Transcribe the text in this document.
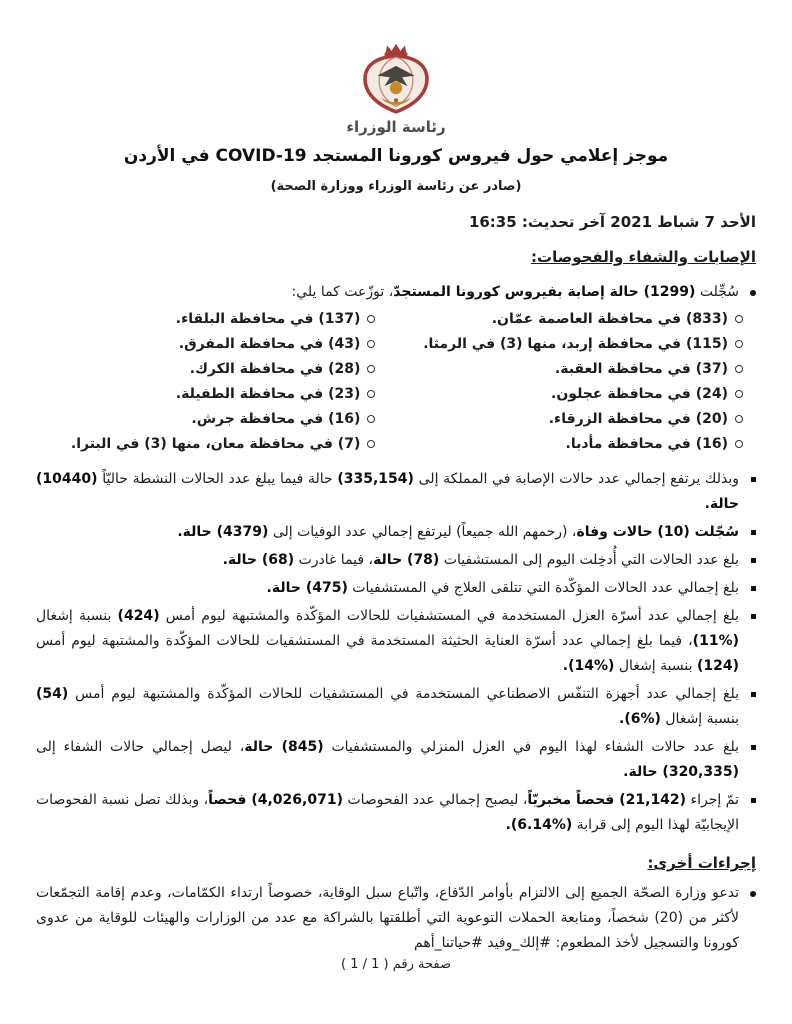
رئاسة الوزراء
موجز إعلامي حول فيروس كورونا المستجد COVID-19 في الأردن
(صادر عن رئاسة الوزراء ووزارة الصحة)
الأحد 7 شباط 2021 آخر تحديث: 16:35
الإصابات والشفاء والفحوصات:
سُجِّلت (1299) حالة إصابة بفيروس كورونا المستجدّ، توزّعت كما يلي:
(833) في محافظة العاصمة عمّان.
(115) في محافظة إربد، منها (3) في الرمثا.
(37) في محافظة العقبة.
(24) في محافظة عجلون.
(20) في محافظة الزرقاء.
(16) في محافظة مأدبا.
(137) في محافظة البلقاء.
(43) في محافظة المفرق.
(28) في محافظة الكرك.
(23) في محافظة الطفيلة.
(16) في محافظة جرش.
(7) في محافظة معان، منها (3) في البترا.
وبذلك يرتفع إجمالي عدد حالات الإصابة في المملكة إلى (335,154) حالة فيما يبلغ عدد الحالات النشطة حاليّاً (10440) حالة.
سُجّلت (10) حالات وفاة، (رحمهم الله جميعاً) ليرتفع إجمالي عدد الوفيات إلى (4379) حالة.
بلغ عدد الحالات التي أُدخِلت اليوم إلى المستشفيات (78) حالة، فيما غادرت (68) حالة.
بلغ إجمالي عدد الحالات المؤكّدة التي تتلقى العلاج في المستشفيات (475) حالة.
بلغ إجمالي عدد أسرّة العزل المستخدمة في المستشفيات للحالات المؤكّدة والمشتبهة ليوم أمس (424) بنسبة إشغال (%11)، فيما بلغ إجمالي عدد أسرّة العناية الحثيثة المستخدمة في المستشفيات للحالات المؤكّدة والمشتبهة ليوم أمس (124) بنسبة إشغال (%14).
بلغ إجمالي عدد أجهزة التنفّس الاصطناعي المستخدمة في المستشفيات للحالات المؤكّدة والمشتبهة ليوم أمس (54) بنسبة إشغال (%6).
بلغ عدد حالات الشفاء لهذا اليوم في العزل المنزلي والمستشفيات (845) حالة، ليصل إجمالي حالات الشفاء إلى (320,335) حالة.
تمّ إجراء (21,142) فحصاً مخبريّاً، ليصبح إجمالي عدد الفحوصات (4,026,071) فحصاً، وبذلك تصل نسبة الفحوصات الإيجابيّة لهذا اليوم إلى قرابة (%6.14).
إجراءات أخرى:
تدعو وزارة الصحّة الجميع إلى الالتزام بأوامر الدّفاع، واتّباع سبل الوقاية، خصوصاً ارتداء الكمّامات، وعدم إقامة التجمّعات لأكثر من (20) شخصاً، ومتابعة الحملات التوعوية التي أطلقتها بالشراكة مع عدد من الوزارات والهيئات للوقاية من عدوى كورونا والتسجيل لأخذ المطعوم: #إلك_وفيد #حياتنا_أهم
صفحة رقم ( 1 / 1 )
